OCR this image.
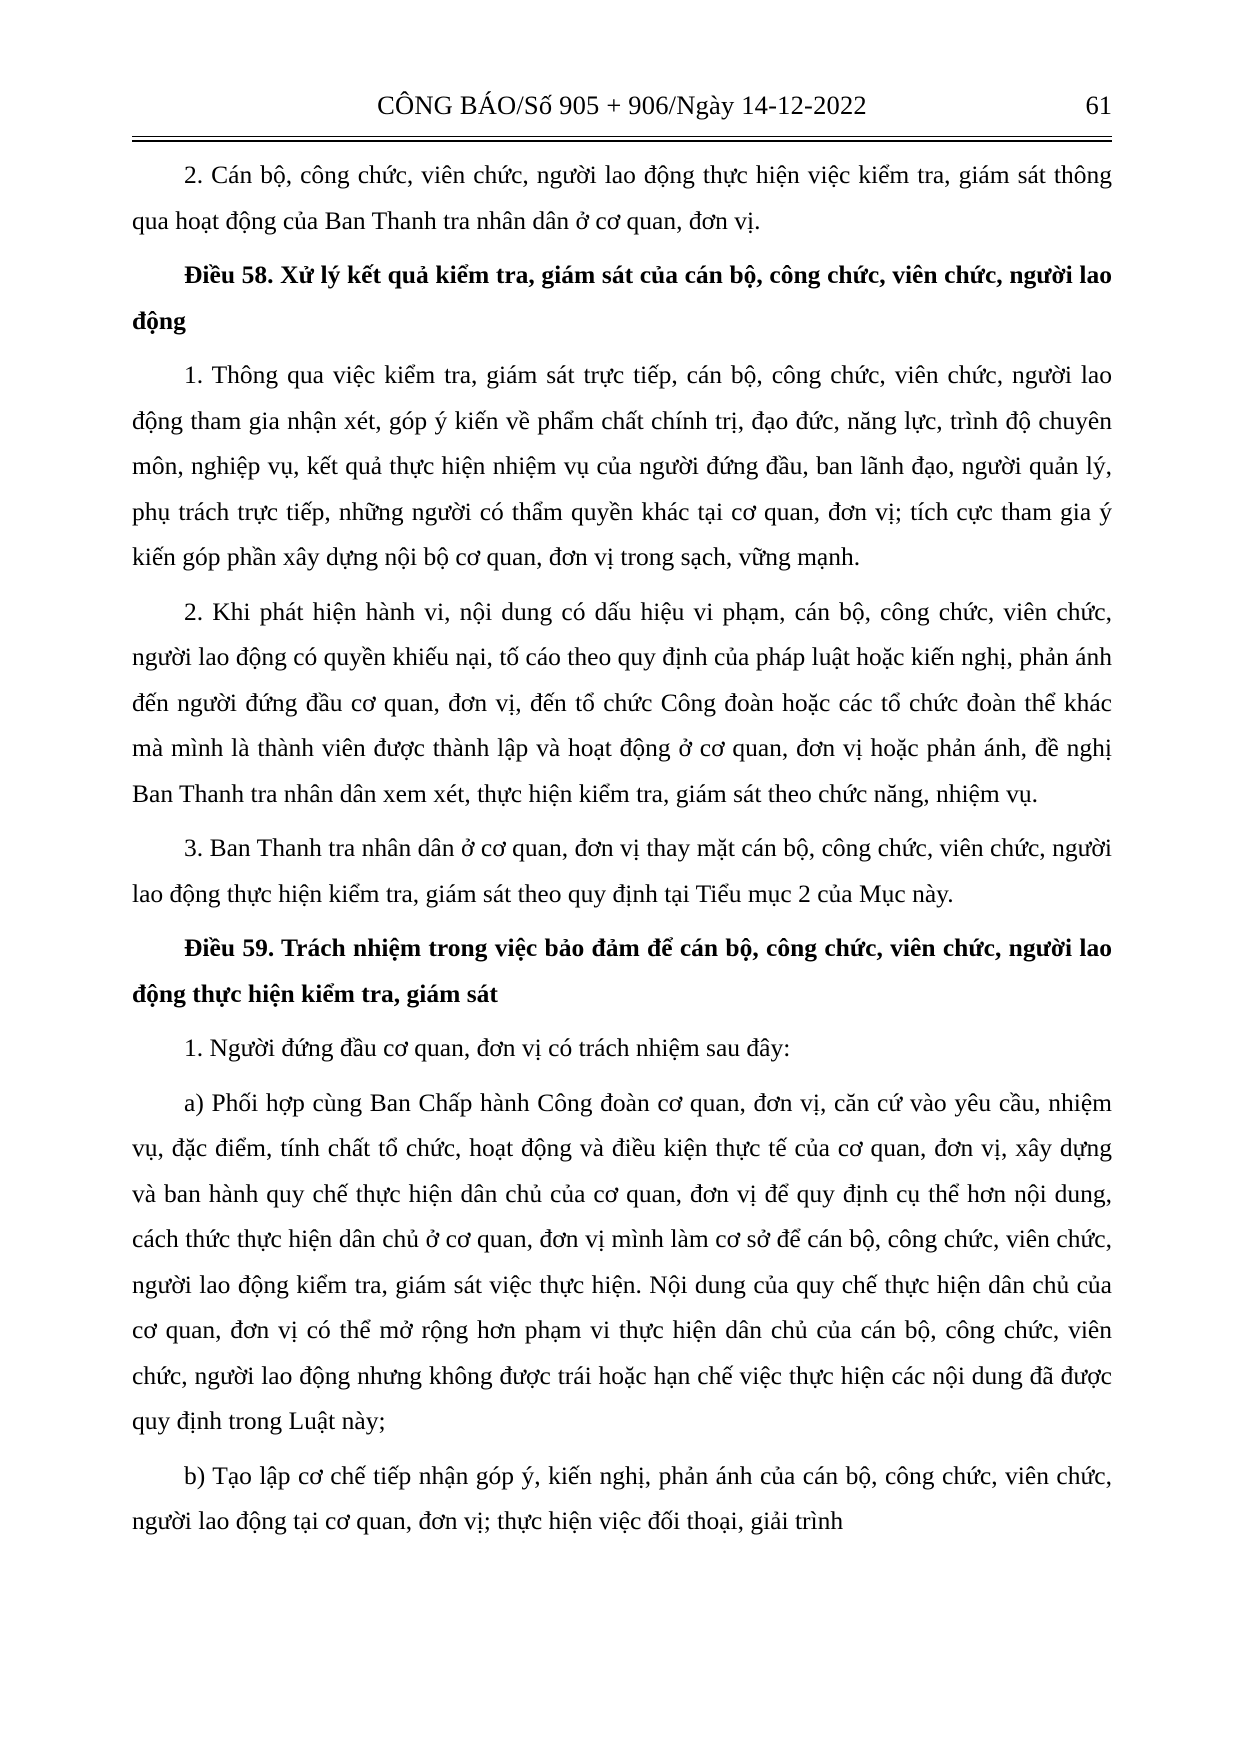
CÔNG BÁO/Số 905 + 906/Ngày 14-12-2022	61

2. Cán bộ, công chức, viên chức, người lao động thực hiện việc kiểm tra, giám sát thông qua hoạt động của Ban Thanh tra nhân dân ở cơ quan, đơn vị.

Điều 58. Xử lý kết quả kiểm tra, giám sát của cán bộ, công chức, viên chức, người lao động

1. Thông qua việc kiểm tra, giám sát trực tiếp, cán bộ, công chức, viên chức, người lao động tham gia nhận xét, góp ý kiến về phẩm chất chính trị, đạo đức, năng lực, trình độ chuyên môn, nghiệp vụ, kết quả thực hiện nhiệm vụ của người đứng đầu, ban lãnh đạo, người quản lý, phụ trách trực tiếp, những người có thẩm quyền khác tại cơ quan, đơn vị; tích cực tham gia ý kiến góp phần xây dựng nội bộ cơ quan, đơn vị trong sạch, vững mạnh.

2. Khi phát hiện hành vi, nội dung có dấu hiệu vi phạm, cán bộ, công chức, viên chức, người lao động có quyền khiếu nại, tố cáo theo quy định của pháp luật hoặc kiến nghị, phản ánh đến người đứng đầu cơ quan, đơn vị, đến tổ chức Công đoàn hoặc các tổ chức đoàn thể khác mà mình là thành viên được thành lập và hoạt động ở cơ quan, đơn vị hoặc phản ánh, đề nghị Ban Thanh tra nhân dân xem xét, thực hiện kiểm tra, giám sát theo chức năng, nhiệm vụ.

3. Ban Thanh tra nhân dân ở cơ quan, đơn vị thay mặt cán bộ, công chức, viên chức, người lao động thực hiện kiểm tra, giám sát theo quy định tại Tiểu mục 2 của Mục này.

Điều 59. Trách nhiệm trong việc bảo đảm để cán bộ, công chức, viên chức, người lao động thực hiện kiểm tra, giám sát

1. Người đứng đầu cơ quan, đơn vị có trách nhiệm sau đây:

a) Phối hợp cùng Ban Chấp hành Công đoàn cơ quan, đơn vị, căn cứ vào yêu cầu, nhiệm vụ, đặc điểm, tính chất tổ chức, hoạt động và điều kiện thực tế của cơ quan, đơn vị, xây dựng và ban hành quy chế thực hiện dân chủ của cơ quan, đơn vị để quy định cụ thể hơn nội dung, cách thức thực hiện dân chủ ở cơ quan, đơn vị mình làm cơ sở để cán bộ, công chức, viên chức, người lao động kiểm tra, giám sát việc thực hiện. Nội dung của quy chế thực hiện dân chủ của cơ quan, đơn vị có thể mở rộng hơn phạm vi thực hiện dân chủ của cán bộ, công chức, viên chức, người lao động nhưng không được trái hoặc hạn chế việc thực hiện các nội dung đã được quy định trong Luật này;

b) Tạo lập cơ chế tiếp nhận góp ý, kiến nghị, phản ánh của cán bộ, công chức, viên chức, người lao động tại cơ quan, đơn vị; thực hiện việc đối thoại, giải trình
